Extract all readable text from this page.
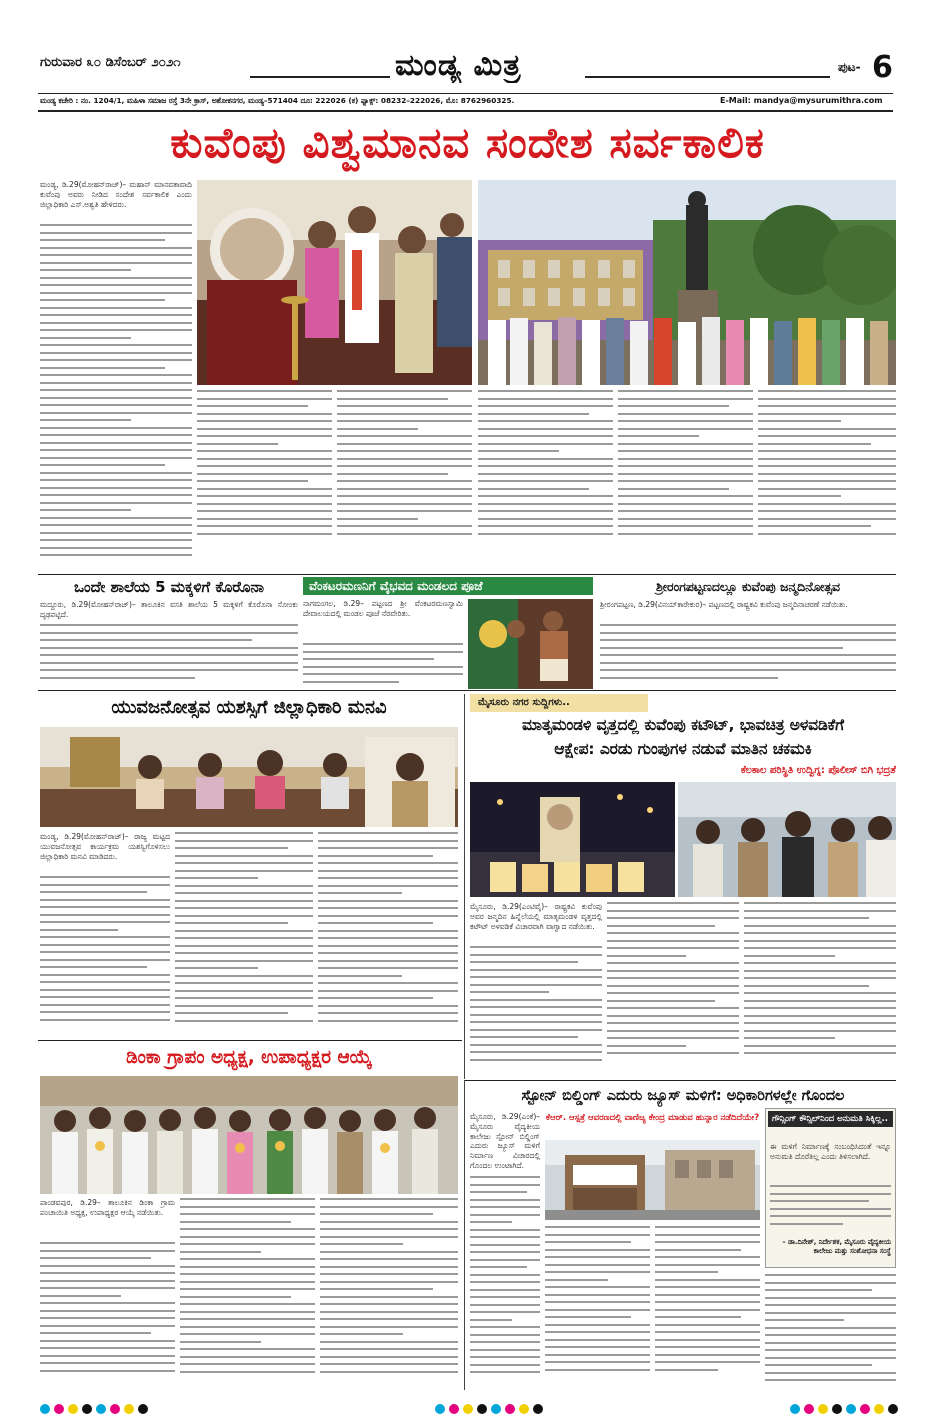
ಗುರುವಾರ ೩೦ ಡಿಸೆಂಬರ್ ೨೦೨೧	ಮಂಡ್ಯ ಮಿತ್ರ	ಪುಟ- 6
ಮಂಡ್ಯ ಕಚೇರಿ : ನಂ. 1204/1, ಮಹಿಳಾ ಸಮಾಜ ರಸ್ತೆ 3ನೇ ಕ್ರಾಸ್, ಅಶೋಕನಗರ, ಮಂಡ್ಯ–571404 ದೂ: 222026 (ಕ) ಫ್ಯಾಕ್ಸ್: 08232–222026, ಮೊ: 8762960325.	E-Mail: mandya@mysurumithra.com
ಕುವೆಂಪು ವಿಶ್ವಮಾನವ ಸಂದೇಶ ಸರ್ವಕಾಲಿಕ
ಮಂಡ್ಯ, ಡಿ.29(ಮೋಹನ್‌ರಾಜ್)– ಮಹಾನ್ ಮಾನವತಾವಾದಿ ಕುವೆಂಪು ಅವರು ನೀಡಿದ ಸಂದೇಶ ಸರ್ವಕಾಲಿಕ ಎಂದು ಜಿಲ್ಲಾಧಿಕಾರಿ ಎಸ್.ಅಶ್ವತಿ ಹೇಳಿದರು.
ಒಂದೇ ಶಾಲೆಯ 5 ಮಕ್ಕಳಿಗೆ ಕೊರೊನಾ
ಮದ್ದೂರು, ಡಿ.29(ಮೋಹನ್‌ರಾಜ್)– ತಾಲೂಕಿನ ವಸತಿ ಶಾಲೆಯ 5 ಮಕ್ಕಳಿಗೆ ಕೊರೊನಾ ಸೋಂಕು ದೃಢಪಟ್ಟಿದೆ.
ವೆಂಕಟರಮಣನಿಗೆ ವೈಭವದ ಮಂಡಲದ ಪೂಜೆ
ನಾಗಮಂಗಲ, ಡಿ.29– ಪಟ್ಟಣದ ಶ್ರೀ ವೆಂಕಟರಮಣಸ್ವಾಮಿ ದೇವಾಲಯದಲ್ಲಿ ಮಂಡಲ ಪೂಜೆ ನೆರವೇರಿತು.
ಶ್ರೀರಂಗಪಟ್ಟಣದಲ್ಲೂ ಕುವೆಂಪು ಜನ್ಮದಿನೋತ್ಸವ
ಶ್ರೀರಂಗಪಟ್ಟಣ, ಡಿ.29(ವಿನಯ್‌ಕಾರೇಕುರ)– ಪಟ್ಟಣದಲ್ಲಿ ರಾಷ್ಟ್ರಕವಿ ಕುವೆಂಪು ಜನ್ಮದಿನಾಚರಣೆ ನಡೆಯಿತು.
ಯುವಜನೋತ್ಸವ ಯಶಸ್ಸಿಗೆ ಜಿಲ್ಲಾಧಿಕಾರಿ ಮನವಿ
ಮಂಡ್ಯ, ಡಿ.29(ಮೋಹನ್‌ರಾಜ್)– ರಾಜ್ಯ ಮಟ್ಟದ ಯುವಜನೋತ್ಸವ ಕಾರ್ಯಕ್ರಮ ಯಶಸ್ವಿಗೊಳಿಸಲು ಜಿಲ್ಲಾಧಿಕಾರಿ ಮನವಿ ಮಾಡಿದರು.
ಮೈಸೂರು ನಗರ ಸುದ್ದಿಗಳು..
ಮಾತೃಮಂಡಳಿ ವೃತ್ತದಲ್ಲಿ ಕುವೆಂಪು ಕಟೌಟ್, ಭಾವಚಿತ್ರ ಅಳವಡಿಕೆಗೆ
ಆಕ್ಷೇಪ: ಎರಡು ಗುಂಪುಗಳ ನಡುವೆ ಮಾತಿನ ಚಕಮಕಿ
ಕೆಲಕಾಲ ಪರಿಸ್ಥಿತಿ ಉದ್ವಿಗ್ನ: ಪೊಲೀಸ್ ಬಿಗಿ ಭದ್ರತೆ
ಮೈಸೂರು, ಡಿ.29(ಎಂಟಿವೈ)– ರಾಷ್ಟ್ರಕವಿ ಕುವೆಂಪು ಅವರ ಜನ್ಮದಿನ ಹಿನ್ನೆಲೆಯಲ್ಲಿ ಮಾತೃಮಂಡಳಿ ವೃತ್ತದಲ್ಲಿ ಕಟೌಟ್ ಅಳವಡಿಕೆ ವಿಚಾರವಾಗಿ ವಾಗ್ವಾದ ನಡೆಯಿತು.
ಡಿಂಕಾ ಗ್ರಾಪಂ ಅಧ್ಯಕ್ಷ, ಉಪಾಧ್ಯಕ್ಷರ ಆಯ್ಕೆ
ಪಾಂಡವಪುರ, ಡಿ.29– ತಾಲೂಕಿನ ಡಿಂಕಾ ಗ್ರಾಮ ಪಂಚಾಯಿತಿ ಅಧ್ಯಕ್ಷ, ಉಪಾಧ್ಯಕ್ಷರ ಆಯ್ಕೆ ನಡೆಯಿತು.
ಸ್ಟೋನ್ ಬಿಲ್ಡಿಂಗ್ ಎದುರು ಜ್ಯೂಸ್ ಮಳಿಗೆ: ಅಧಿಕಾರಿಗಳಲ್ಲೇ ಗೊಂದಲ
ಮೈಸೂರು, ಡಿ.29(ಎಂಕೆ)– ಮೈಸೂರು ವೈದ್ಯಕೀಯ ಕಾಲೇಜು ಸ್ಟೋನ್ ಬಿಲ್ಡಿಂಗ್ ಎದುರು ಜ್ಯೂಸ್ ಮಳಿಗೆ ನಿರ್ಮಾಣ ವಿಚಾರದಲ್ಲಿ ಗೊಂದಲ ಉಂಟಾಗಿದೆ.
ಕೆಆರ್. ಆಸ್ಪತ್ರೆ ಆವರಣದಲ್ಲಿ ವಾಣಿಜ್ಯ ಕೇಂದ್ರ ಮಾಡುವ ಹುನ್ನಾರ ನಡೆದಿದೆಯೇ?	ಗೌನ್ಸಿಂಗ್ ಕೌನ್ಸಿಲ್‌ನಿಂದ ಅನುಮತಿ ಸಿಕ್ಕಿಲ್ಲ..
ಈ ಮಳಿಗೆ ನಿರ್ಮಾಣಕ್ಕೆ ಸಂಬಂಧಿಸಿದಂತೆ ಇನ್ನೂ ಅನುಮತಿ ದೊರೆತಿಲ್ಲ ಎಂದು ತಿಳಿಸಲಾಗಿದೆ.
– ಡಾ.ದಿನೇಶ್, ನಿರ್ದೇಶಕ, ಮೈಸೂರು ವೈದ್ಯಕೀಯ ಕಾಲೇಜು ಮತ್ತು ಸಂಶೋಧನಾ ಸಂಸ್ಥೆ
